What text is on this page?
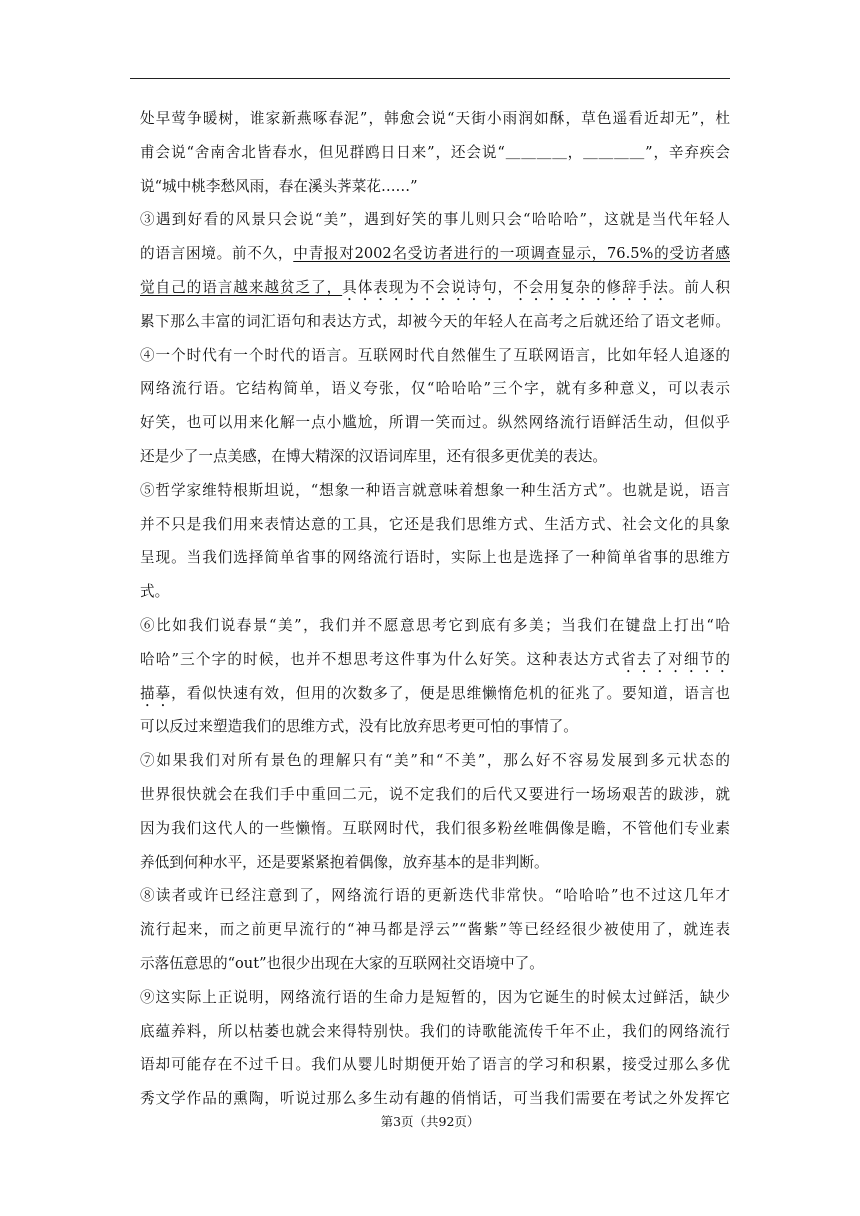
处早莺争暖树，谁家新燕啄春泥”，韩愈会说“天街小雨润如酥，草色遥看近却无”，杜
甫会说“舍南舍北皆春水，但见群鸥日日来”，还会说“＿＿＿＿，＿＿＿＿”，辛弃疾会
说“城中桃李愁风雨，春在溪头荠菜花……”
③遇到好看的风景只会说“美”，遇到好笑的事儿则只会“哈哈哈”，这就是当代年轻人
的语言困境。前不久，中青报对2002名受访者进行的一项调查显示，76.5%的受访者感
觉自己的语言越来越贫乏了，具体表现为不会说诗句，不会用复杂的修辞手法。前人积
累下那么丰富的词汇语句和表达方式，却被今天的年轻人在高考之后就还给了语文老师。
④一个时代有一个时代的语言。互联网时代自然催生了互联网语言，比如年轻人追逐的
网络流行语。它结构简单，语义夸张，仅“哈哈哈”三个字，就有多种意义，可以表示
好笑，也可以用来化解一点小尴尬，所谓一笑而过。纵然网络流行语鲜活生动，但似乎
还是少了一点美感，在博大精深的汉语词库里，还有很多更优美的表达。
⑤哲学家维特根斯坦说，“想象一种语言就意味着想象一种生活方式”。也就是说，语言
并不只是我们用来表情达意的工具，它还是我们思维方式、生活方式、社会文化的具象
呈现。当我们选择简单省事的网络流行语时，实际上也是选择了一种简单省事的思维方
式。
⑥比如我们说春景“美”，我们并不愿意思考它到底有多美；当我们在键盘上打出“哈
哈哈”三个字的时候，也并不想思考这件事为什么好笑。这种表达方式省去了对细节的
描摹，看似快速有效，但用的次数多了，便是思维懒惰危机的征兆了。要知道，语言也
可以反过来塑造我们的思维方式，没有比放弃思考更可怕的事情了。
⑦如果我们对所有景色的理解只有“美”和“不美”，那么好不容易发展到多元状态的
世界很快就会在我们手中重回二元，说不定我们的后代又要进行一场场艰苦的跋涉，就
因为我们这代人的一些懒惰。互联网时代，我们很多粉丝唯偶像是瞻，不管他们专业素
养低到何种水平，还是要紧紧抱着偶像，放弃基本的是非判断。
⑧读者或许已经注意到了，网络流行语的更新迭代非常快。“哈哈哈”也不过这几年才
流行起来，而之前更早流行的“神马都是浮云”“酱紫”等已经经很少被使用了，就连表
示落伍意思的“out”也很少出现在大家的互联网社交语境中了。
⑨这实际上正说明，网络流行语的生命力是短暂的，因为它诞生的时候太过鲜活，缺少
底蕴养料，所以枯萎也就会来得特别快。我们的诗歌能流传千年不止，我们的网络流行
语却可能存在不过千日。我们从婴儿时期便开始了语言的学习和积累，接受过那么多优
秀文学作品的熏陶，听说过那么多生动有趣的俏悄话，可当我们需要在考试之外发挥它
第3页（共92页）
